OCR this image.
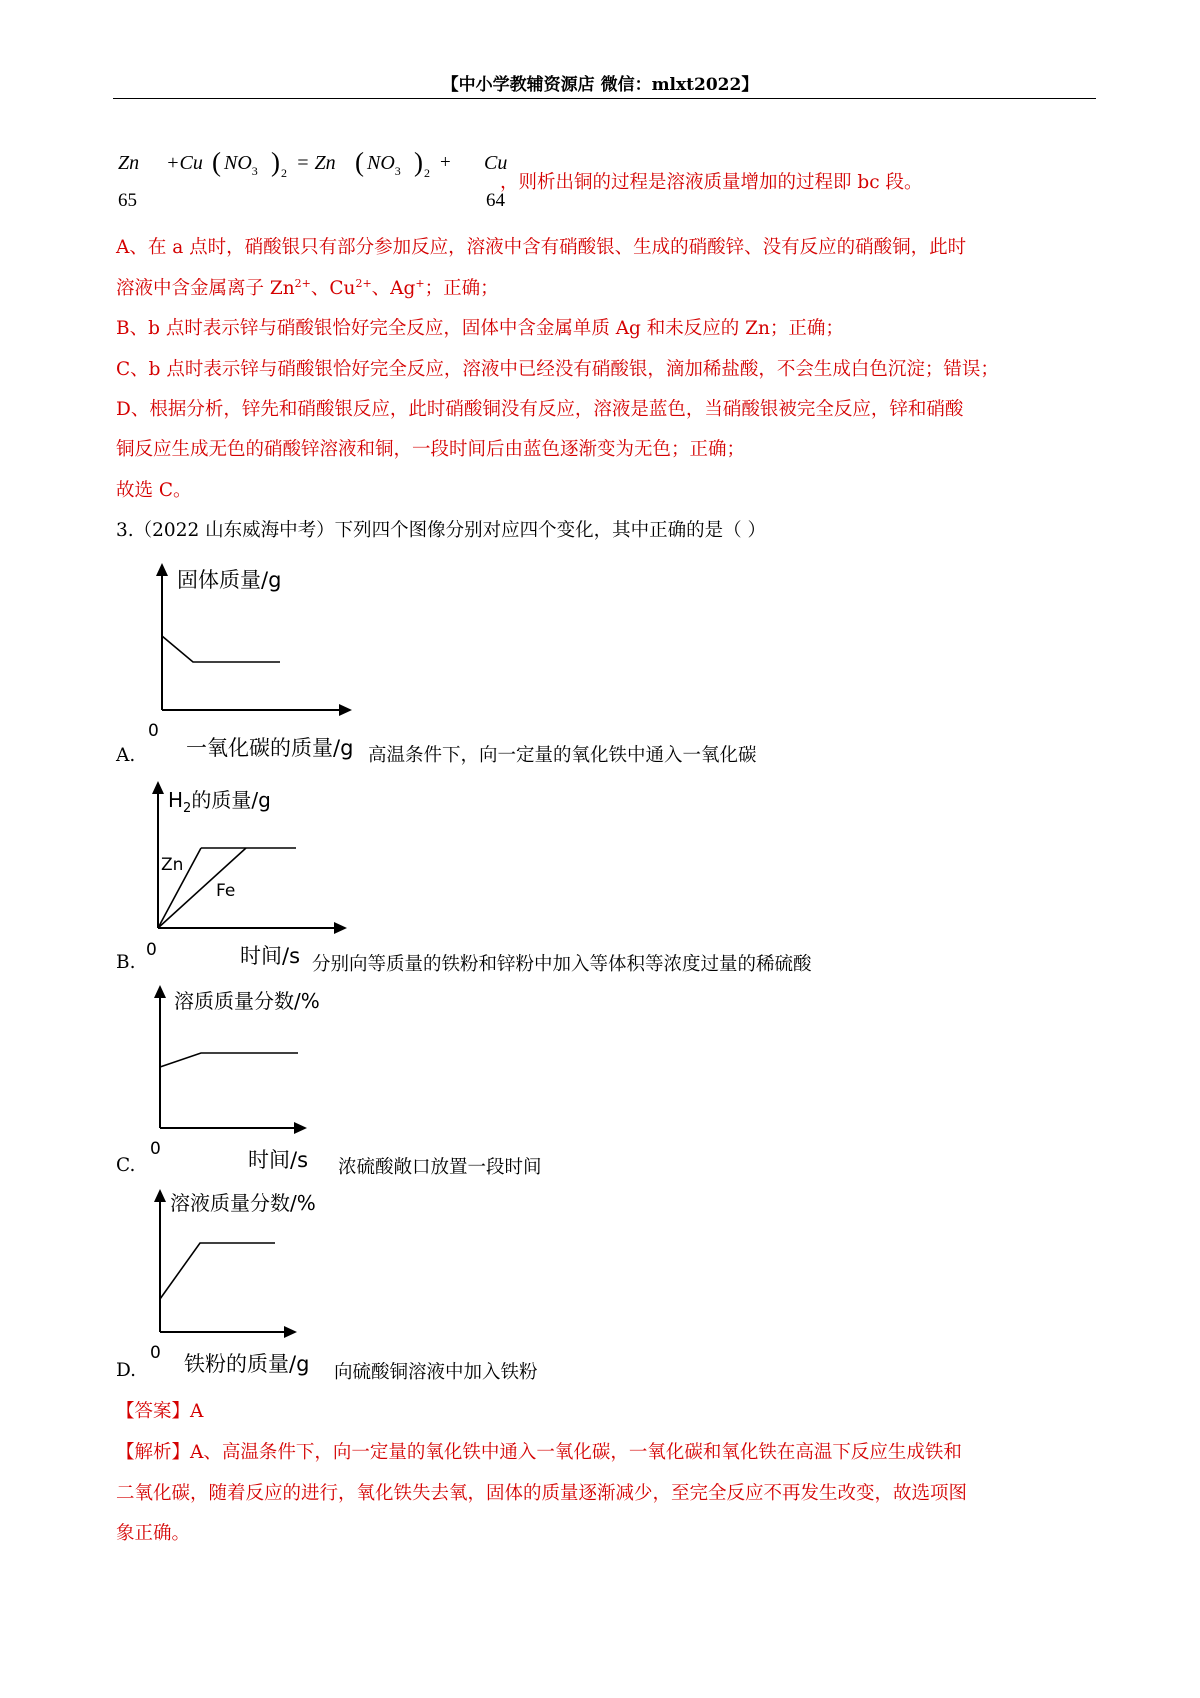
【中小学教辅资源店 微信：mlxt2022】
Zn +Cu ( $NO_3$ ) 2 = Zn ( $NO_3$ ) 2 + Cu
65	64
，则析出铜的过程是溶液质量增加的过程即 bc 段。
A、在 a 点时，硝酸银只有部分参加反应，溶液中含有硝酸银、生成的硝酸锌、没有反应的硝酸铜，此时
溶液中含金属离子 $Zn^{2+}$、$Cu^{2+}$、Ag+；正确；
B、b 点时表示锌与硝酸银恰好完全反应，固体中含金属单质 Ag 和未反应的 Zn；正确；
C、b 点时表示锌与硝酸银恰好完全反应，溶液中已经没有硝酸银，滴加稀盐酸，不会生成白色沉淀；错误；
D、根据分析，锌先和硝酸银反应，此时硝酸铜没有反应，溶液是蓝色，当硝酸银被完全反应，锌和硝酸
铜反应生成无色的硝酸锌溶液和铜，一段时间后由蓝色逐渐变为无色；正确；
故选 C。
3.（2022 山东威海中考）下列四个图像分别对应四个变化，其中正确的是（ ）
固体质量/g
0
A. 一氧化碳的质量/g 高温条件下，向一定量的氧化铁中通入一氧化碳
$H_2$的质量/g
Zn
Fe
0
B.	时间/s 分别向等质量的铁粉和锌粉中加入等体积等浓度过量的稀硫酸
溶质质量分数/%
0
C.	时间/s 浓硫酸敞口放置一段时间
溶液质量分数/%
0
D. 铁粉的质量/g 向硫酸铜溶液中加入铁粉
【答案】A
【解析】A、高温条件下，向一定量的氧化铁中通入一氧化碳，一氧化碳和氧化铁在高温下反应生成铁和
二氧化碳，随着反应的进行，氧化铁失去氧，固体的质量逐渐减少，至完全反应不再发生改变，故选项图
象正确。
